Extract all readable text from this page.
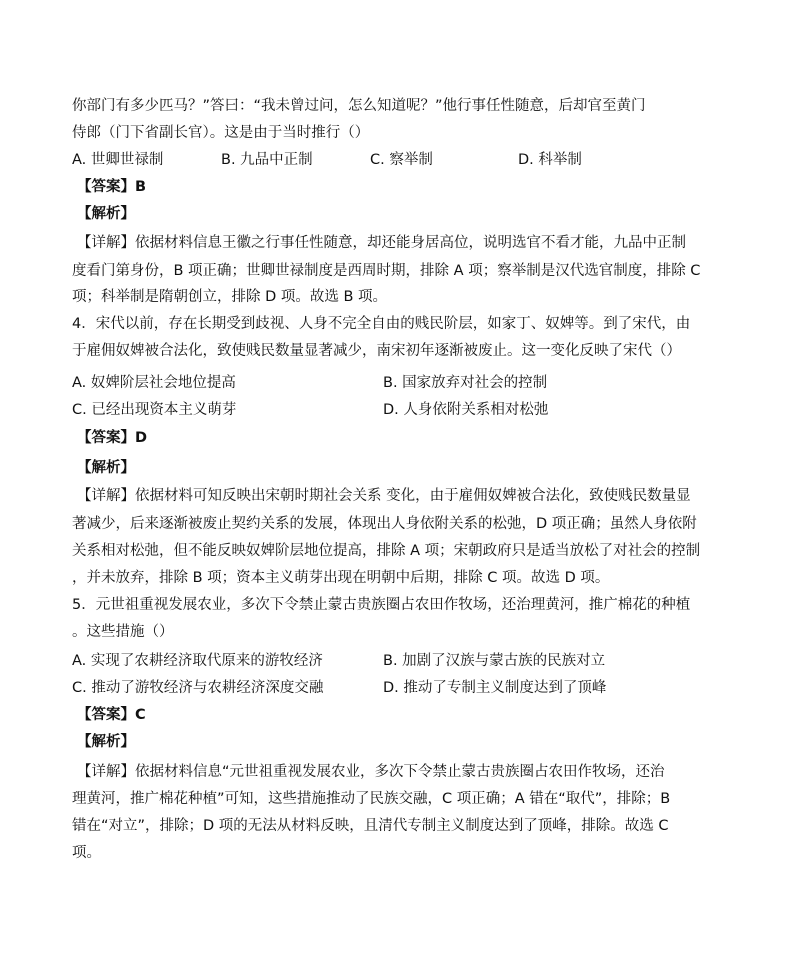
你部门有多少匹马？”答曰：“我未曾过问，怎么知道呢？”他行事任性随意，后却官至黄门
侍郎（门下省副长官）。这是由于当时推行（）
A. 世卿世禄制	B. 九品中正制	C. 察举制	D. 科举制
【答案】B
【解析】
【详解】依据材料信息王徽之行事任性随意，却还能身居高位，说明选官不看才能，九品中正制
度看门第身份，B 项正确；世卿世禄制度是西周时期，排除 A 项；察举制是汉代选官制度，排除 C
项；科举制是隋朝创立，排除 D 项。故选 B 项。
4．宋代以前，存在长期受到歧视、人身不完全自由的贱民阶层，如家丁、奴婢等。到了宋代，由
于雇佣奴婢被合法化，致使贱民数量显著减少，南宋初年逐渐被废止。这一变化反映了宋代（）
A. 奴婢阶层社会地位提高	B. 国家放弃对社会的控制
C. 已经出现资本主义萌芽	D. 人身依附关系相对松弛
【答案】D
【解析】
【详解】依据材料可知反映出宋朝时期社会关系 变化，由于雇佣奴婢被合法化，致使贱民数量显
著减少，后来逐渐被废止契约关系的发展，体现出人身依附关系的松弛，D 项正确；虽然人身依附
关系相对松弛，但不能反映奴婢阶层地位提高，排除 A 项；宋朝政府只是适当放松了对社会的控制
，并未放弃，排除 B 项；资本主义萌芽出现在明朝中后期，排除 C 项。故选 D 项。
5．元世祖重视发展农业，多次下令禁止蒙古贵族圈占农田作牧场，还治理黄河，推广棉花的种植
。这些措施（）
A. 实现了农耕经济取代原来的游牧经济	B. 加剧了汉族与蒙古族的民族对立
C. 推动了游牧经济与农耕经济深度交融	D. 推动了专制主义制度达到了顶峰
【答案】C
【解析】
【详解】依据材料信息“元世祖重视发展农业，多次下令禁止蒙古贵族圈占农田作牧场，还治
理黄河，推广棉花种植”可知，这些措施推动了民族交融，C 项正确；A 错在“取代”，排除；B
错在“对立”，排除；D 项的无法从材料反映，且清代专制主义制度达到了顶峰，排除。故选 C
项。
